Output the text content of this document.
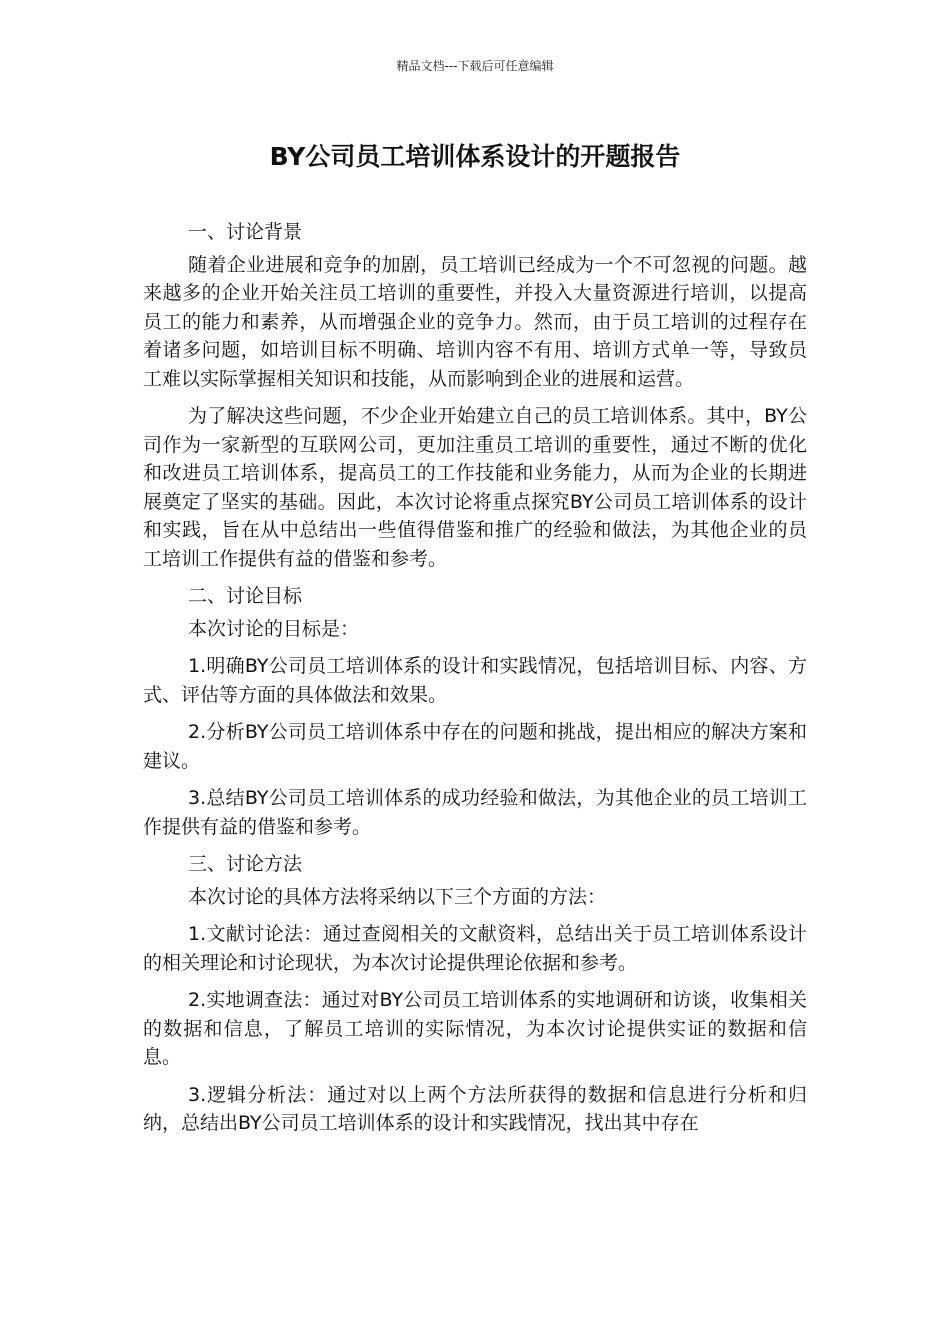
精品文档---下载后可任意编辑
BY公司员工培训体系设计的开题报告

一、讨论背景

随着企业进展和竞争的加剧，员工培训已经成为一个不可忽视的问题。越来越多的企业开始关注员工培训的重要性，并投入大量资源进行培训，以提高员工的能力和素养，从而增强企业的竞争力。然而，由于员工培训的过程存在着诸多问题，如培训目标不明确、培训内容不有用、培训方式单一等，导致员工难以实际掌握相关知识和技能，从而影响到企业的进展和运营。

为了解决这些问题，不少企业开始建立自己的员工培训体系。其中，BY公司作为一家新型的互联网公司，更加注重员工培训的重要性，通过不断的优化和改进员工培训体系，提高员工的工作技能和业务能力，从而为企业的长期进展奠定了坚实的基础。因此，本次讨论将重点探究BY公司员工培训体系的设计和实践，旨在从中总结出一些值得借鉴和推广的经验和做法，为其他企业的员工培训工作提供有益的借鉴和参考。

二、讨论目标

本次讨论的目标是：

1.明确BY公司员工培训体系的设计和实践情况，包括培训目标、内容、方式、评估等方面的具体做法和效果。

2.分析BY公司员工培训体系中存在的问题和挑战，提出相应的解决方案和建议。

3.总结BY公司员工培训体系的成功经验和做法，为其他企业的员工培训工作提供有益的借鉴和参考。

三、讨论方法

本次讨论的具体方法将采纳以下三个方面的方法：

1.文献讨论法：通过查阅相关的文献资料，总结出关于员工培训体系设计的相关理论和讨论现状，为本次讨论提供理论依据和参考。

2.实地调查法：通过对BY公司员工培训体系的实地调研和访谈，收集相关的数据和信息，了解员工培训的实际情况，为本次讨论提供实证的数据和信息。

3.逻辑分析法：通过对以上两个方法所获得的数据和信息进行分析和归纳，总结出BY公司员工培训体系的设计和实践情况，找出其中存在
